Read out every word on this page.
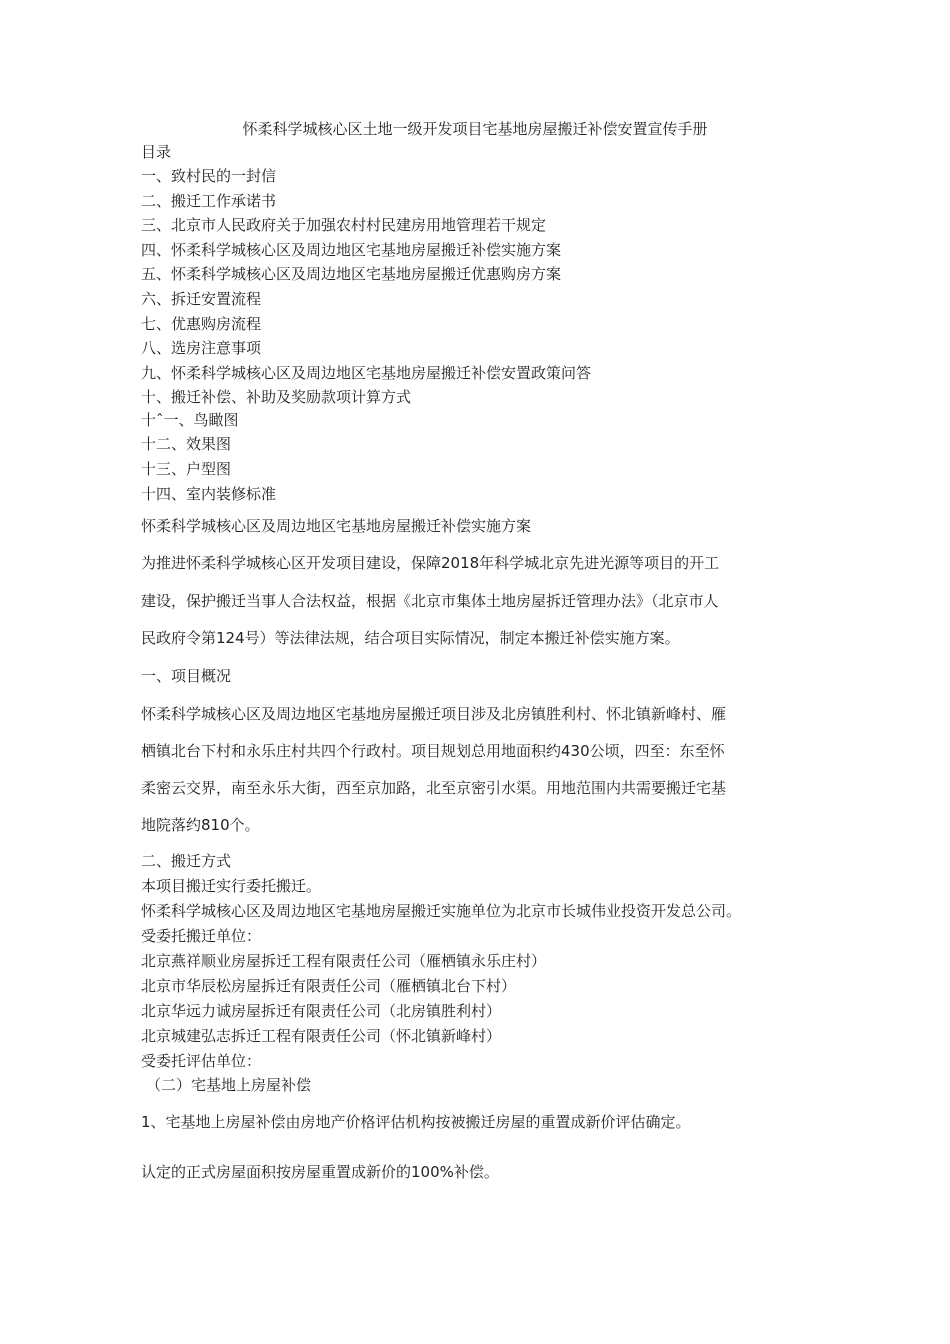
怀柔科学城核心区土地一级开发项目宅基地房屋搬迁补偿安置宣传手册
目录
一、致村民的一封信
二、搬迁工作承诺书
三、北京市人民政府关于加强农村村民建房用地管理若干规定
四、怀柔科学城核心区及周边地区宅基地房屋搬迁补偿实施方案
五、怀柔科学城核心区及周边地区宅基地房屋搬迁优惠购房方案
六、拆迁安置流程
七、优惠购房流程
八、选房注意事项
九、怀柔科学城核心区及周边地区宅基地房屋搬迁补偿安置政策问答
十、搬迁补偿、补助及奖励款项计算方式
十ˆ一、鸟瞰图
十二、效果图
十三、户型图
十四、室内装修标准
怀柔科学城核心区及周边地区宅基地房屋搬迁补偿实施方案
为推进怀柔科学城核心区开发项目建设，保障2018年科学城北京先进光源等项目的开工
建设，保护搬迁当事人合法权益，根据《北京市集体土地房屋拆迁管理办法》（北京市人
民政府令第124号）等法律法规，结合项目实际情况，制定本搬迁补偿实施方案。
一、项目概况
怀柔科学城核心区及周边地区宅基地房屋搬迁项目涉及北房镇胜利村、怀北镇新峰村、雁
栖镇北台下村和永乐庄村共四个行政村。项目规划总用地面积约430公顷，四至：东至怀
柔密云交界，南至永乐大街，西至京加路，北至京密引水渠。用地范围内共需要搬迁宅基
地院落约810个。
二、搬迁方式
本项目搬迁实行委托搬迁。
怀柔科学城核心区及周边地区宅基地房屋搬迁实施单位为北京市长城伟业投资开发总公司。
受委托搬迁单位：
北京燕祥顺业房屋拆迁工程有限责任公司（雁栖镇永乐庄村）
北京市华辰松房屋拆迁有限责任公司（雁栖镇北台下村）
北京华远力诚房屋拆迁有限责任公司（北房镇胜利村）
北京城建弘志拆迁工程有限责任公司（怀北镇新峰村）
受委托评估单位：
（二）宅基地上房屋补偿
1、宅基地上房屋补偿由房地产价格评估机构按被搬迁房屋的重置成新价评估确定。
认定的正式房屋面积按房屋重置成新价的100%补偿。
